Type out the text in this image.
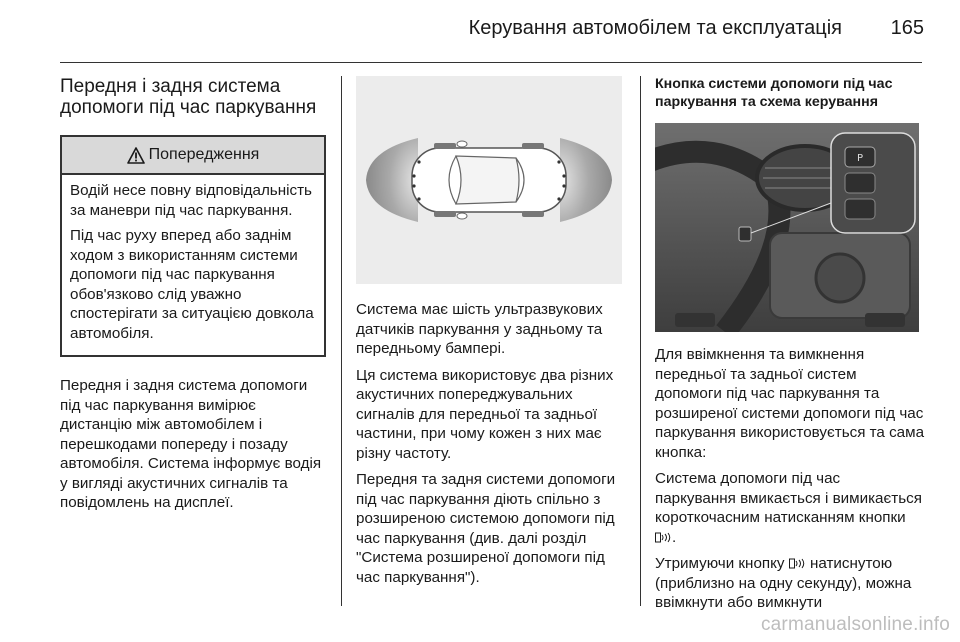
Керування автомобілем та експлуатація 165
Передня і задня система допомоги під час паркування
Попередження

Водій несе повну відповідальність за маневри під час паркування.

Під час руху вперед або заднім ходом з використанням системи допомоги під час паркування обов'язково слід уважно спостерігати за ситуацією довкола автомобіля.

Передня і задня система допомоги під час паркування вимірює дистанцію між автомобілем і перешкодами попереду і позаду автомобіля. Система інформує водія у вигляді акустичних сигналів та повідомлень на дисплеї.

Система має шість ультразвукових датчиків паркування у задньому та передньому бамперi.

Ця система використовує два різних акустичних попереджувальних сигналів для передньої та задньої частини, при чому кожен з них має різну частоту.

Передня та задня системи допомоги під час паркування діють спільно з розширеною системою допомоги під час паркування (див. далі розділ "Система розширеної допомоги під час паркування").

Кнопка системи допомоги під час паркування та схема керування
P

Для ввімкнення та вимкнення передньої та задньої систем допомоги під час паркування та розширеної системи допомоги під час паркування використовується та сама кнопка:

Система допомоги під час паркування вмикається і вимикається короткочасним натисканням кнопки .

Утримуючи кнопку  натиснутою (приблизно на одну секунду), можна ввімкнути або вимкнути

carmanualsonline.info
